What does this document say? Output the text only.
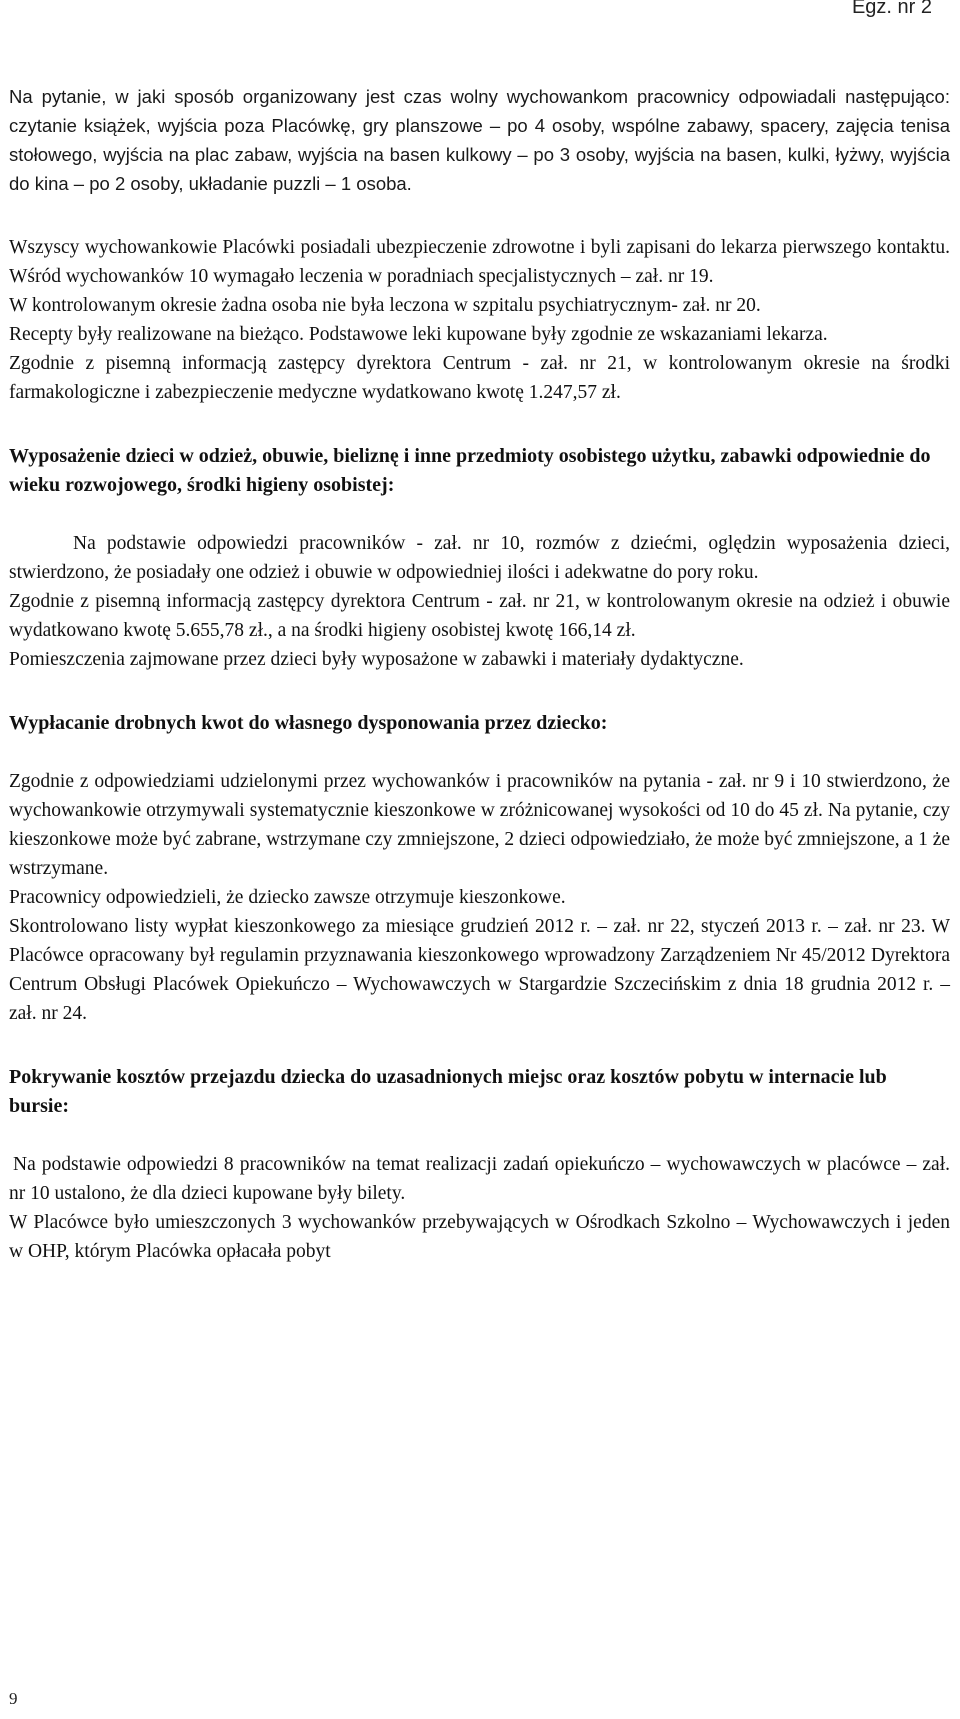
Egz. nr 2

Na pytanie, w jaki sposób organizowany jest czas wolny wychowankom pracownicy odpowiadali następująco: czytanie książek, wyjścia poza Placówkę, gry planszowe – po 4 osoby, wspólne zabawy, spacery, zajęcia tenisa stołowego, wyjścia na plac zabaw, wyjścia na basen kulkowy – po 3 osoby, wyjścia na basen, kulki, łyżwy, wyjścia do kina – po 2 osoby, układanie puzzli – 1 osoba.

Wszyscy wychowankowie Placówki posiadali ubezpieczenie zdrowotne i byli zapisani do lekarza pierwszego kontaktu. Wśród wychowanków 10 wymagało leczenia w poradniach specjalistycznych – zał. nr 19.

W kontrolowanym okresie żadna osoba nie była leczona w szpitalu psychiatrycznym- zał. nr 20.

Recepty były realizowane na bieżąco. Podstawowe leki kupowane były zgodnie ze wskazaniami lekarza.

Zgodnie z pisemną informacją zastępcy dyrektora Centrum - zał. nr 21, w kontrolowanym okresie na środki farmakologiczne i zabezpieczenie medyczne wydatkowano kwotę 1.247,57 zł.

Wyposażenie dzieci w odzież, obuwie, bieliznę i inne przedmioty osobistego użytku, zabawki odpowiednie do wieku rozwojowego, środki higieny osobistej:

Na podstawie odpowiedzi pracowników - zał. nr 10, rozmów z dziećmi, oględzin wyposażenia dzieci, stwierdzono, że posiadały one odzież i obuwie w odpowiedniej ilości i adekwatne do pory roku.

Zgodnie z pisemną informacją zastępcy dyrektora Centrum - zał. nr 21, w kontrolowanym okresie na odzież i obuwie wydatkowano kwotę 5.655,78 zł., a na środki higieny osobistej kwotę 166,14 zł.

Pomieszczenia zajmowane przez dzieci były wyposażone w zabawki i materiały dydaktyczne.

Wypłacanie drobnych kwot do własnego dysponowania przez dziecko:

Zgodnie z odpowiedziami udzielonymi przez wychowanków i pracowników na pytania - zał. nr 9 i 10 stwierdzono, że wychowankowie otrzymywali systematycznie kieszonkowe w zróżnicowanej wysokości od 10 do 45 zł. Na pytanie, czy kieszonkowe może być zabrane, wstrzymane czy zmniejszone, 2 dzieci odpowiedziało, że może być zmniejszone, a 1 że wstrzymane.

Pracownicy odpowiedzieli, że dziecko zawsze otrzymuje kieszonkowe.

Skontrolowano listy wypłat kieszonkowego za miesiące grudzień 2012 r. – zał. nr 22, styczeń 2013 r. – zał. nr 23. W Placówce opracowany był regulamin przyznawania kieszonkowego wprowadzony Zarządzeniem Nr 45/2012 Dyrektora Centrum Obsługi Placówek Opiekuńczo – Wychowawczych w Stargardzie Szczecińskim z dnia 18 grudnia 2012 r. – zał. nr 24.

Pokrywanie kosztów przejazdu dziecka do uzasadnionych miejsc oraz kosztów pobytu w internacie lub bursie:

Na podstawie odpowiedzi 8 pracowników na temat realizacji zadań opiekuńczo – wychowawczych w placówce – zał. nr 10 ustalono, że dla dzieci kupowane były bilety.

W Placówce było umieszczonych 3 wychowanków przebywających w Ośrodkach Szkolno – Wychowawczych i jeden w OHP, którym Placówka opłacała pobyt

9
